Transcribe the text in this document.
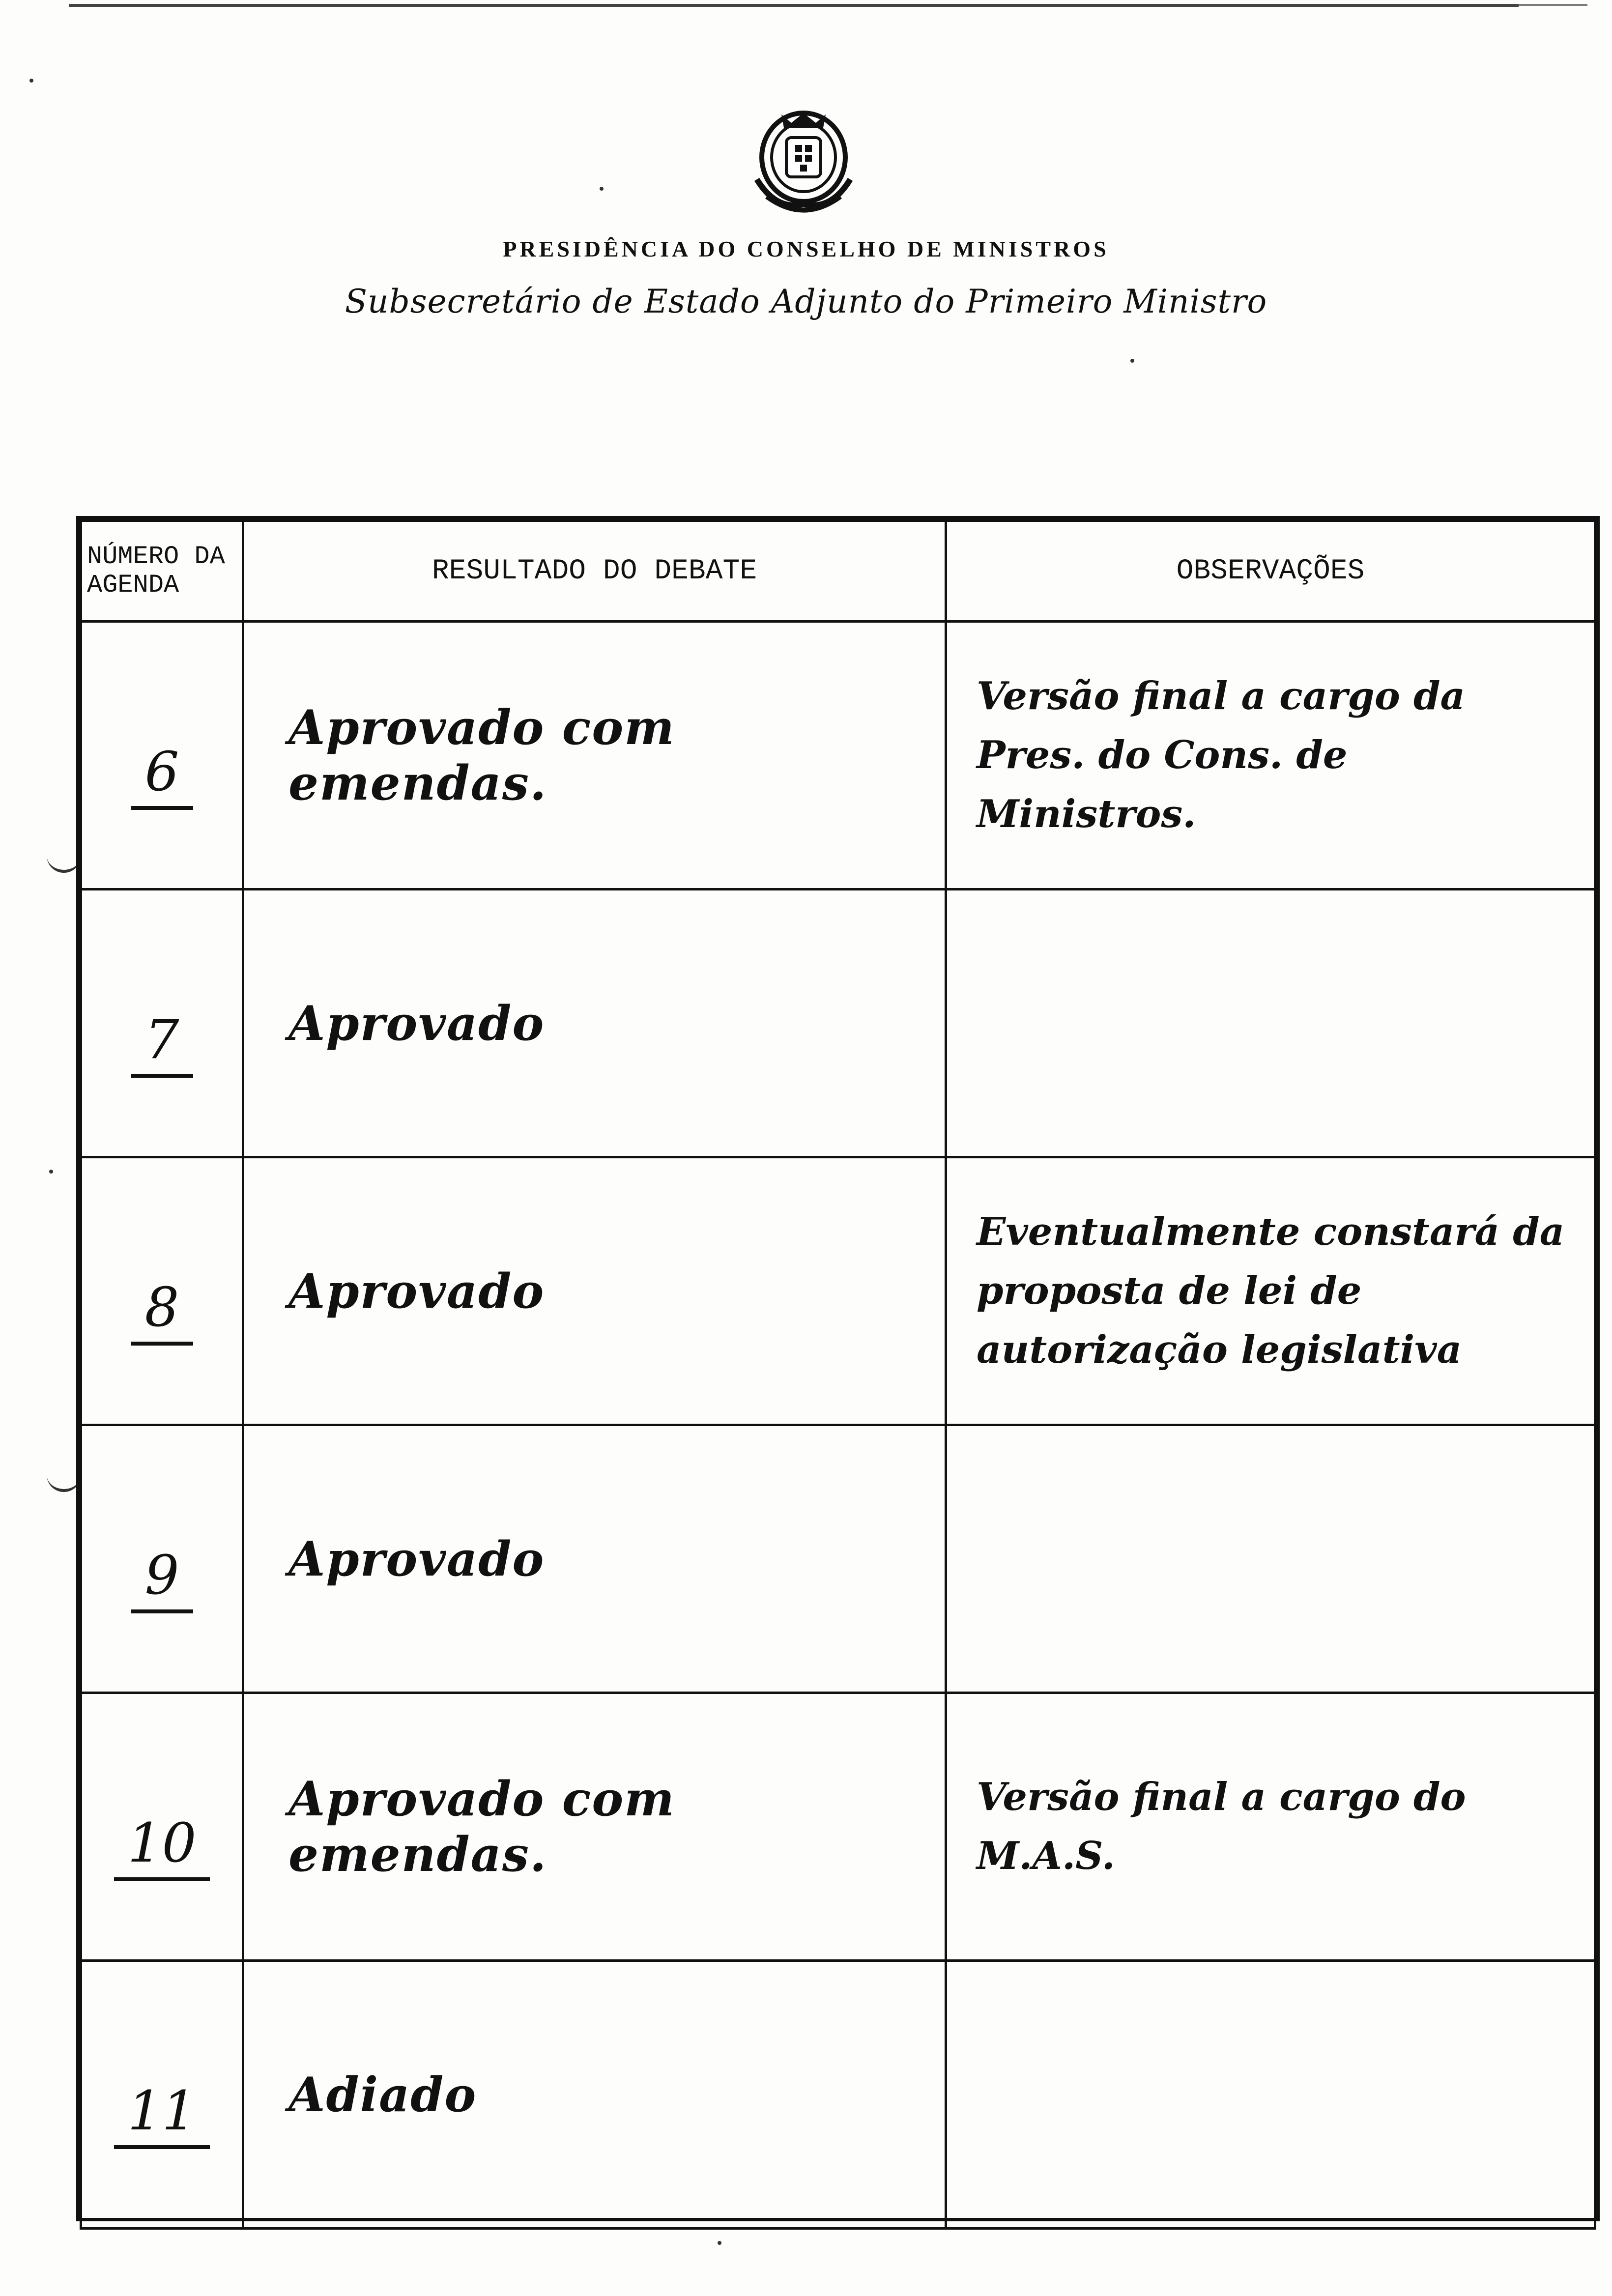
PRESIDÊNCIA DO CONSELHO DE MINISTROS
Subsecretário de Estado Adjunto do Primeiro Ministro
NÚMERO DA AGENDA	RESULTADO DO DEBATE	OBSERVAÇÕES
6	Aprovado com emendas.	Versão final a cargo da Pres. do Cons. de Ministros.
7	Aprovado	
8	Aprovado	Eventualmente constará da proposta de lei de autorização legislativa
9	Aprovado	
10	Aprovado com emendas.	Versão final a cargo do M.A.S.
11	Adiado	
